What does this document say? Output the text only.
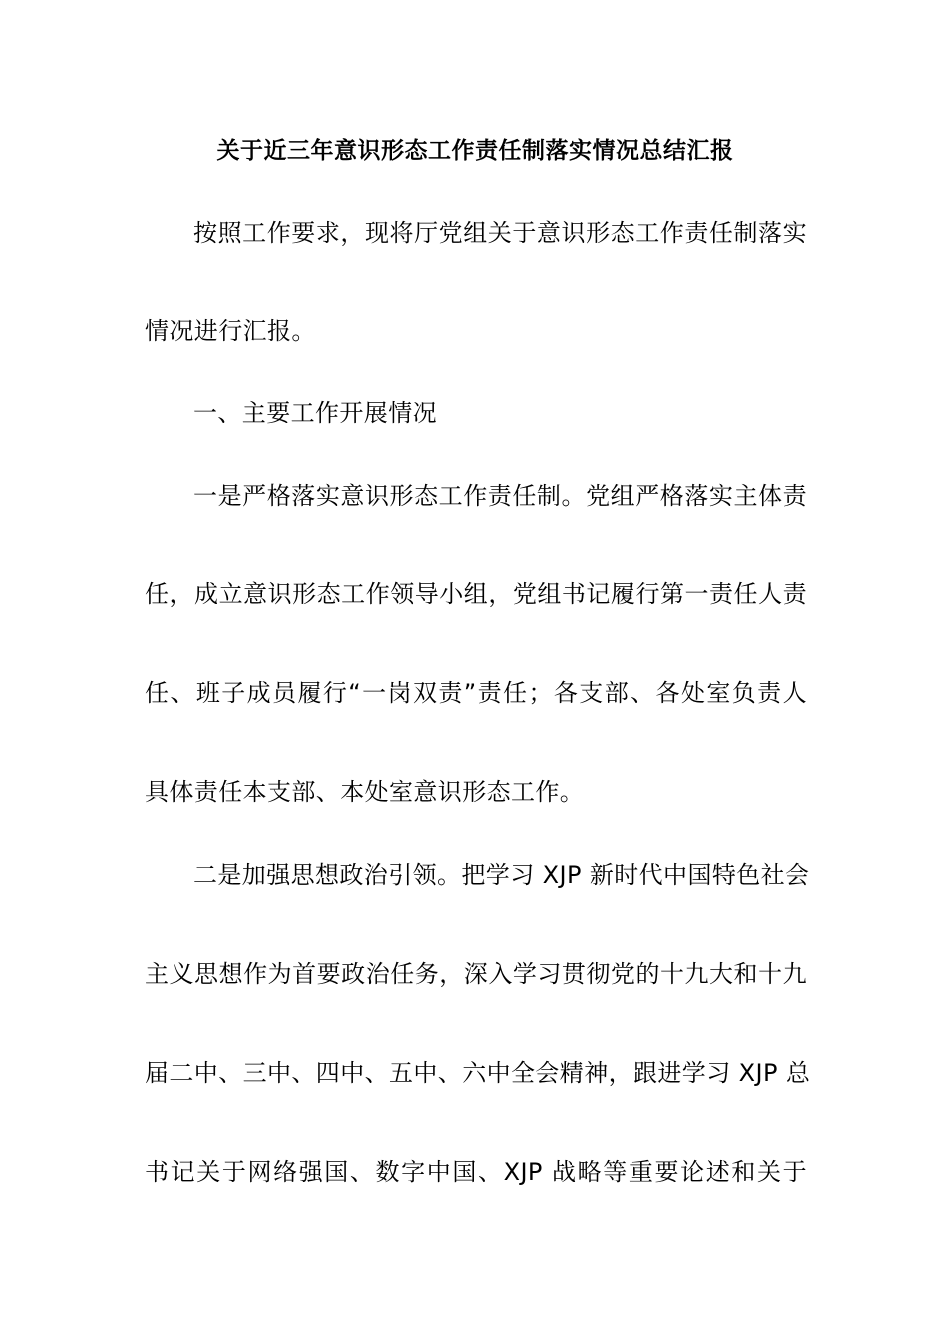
关于近三年意识形态工作责任制落实情况总结汇报
按照工作要求，现将厅党组关于意识形态工作责任制落实
情况进行汇报。
一、主要工作开展情况
一是严格落实意识形态工作责任制。党组严格落实主体责
任，成立意识形态工作领导小组，党组书记履行第一责任人责
任、班子成员履行“一岗双责”责任；各支部、各处室负责人
具体责任本支部、本处室意识形态工作。
二是加强思想政治引领。把学习 XJP 新时代中国特色社会
主义思想作为首要政治任务，深入学习贯彻党的十九大和十九
届二中、三中、四中、五中、六中全会精神，跟进学习 XJP 总
书记关于网络强国、数字中国、XJP 战略等重要论述和关于
